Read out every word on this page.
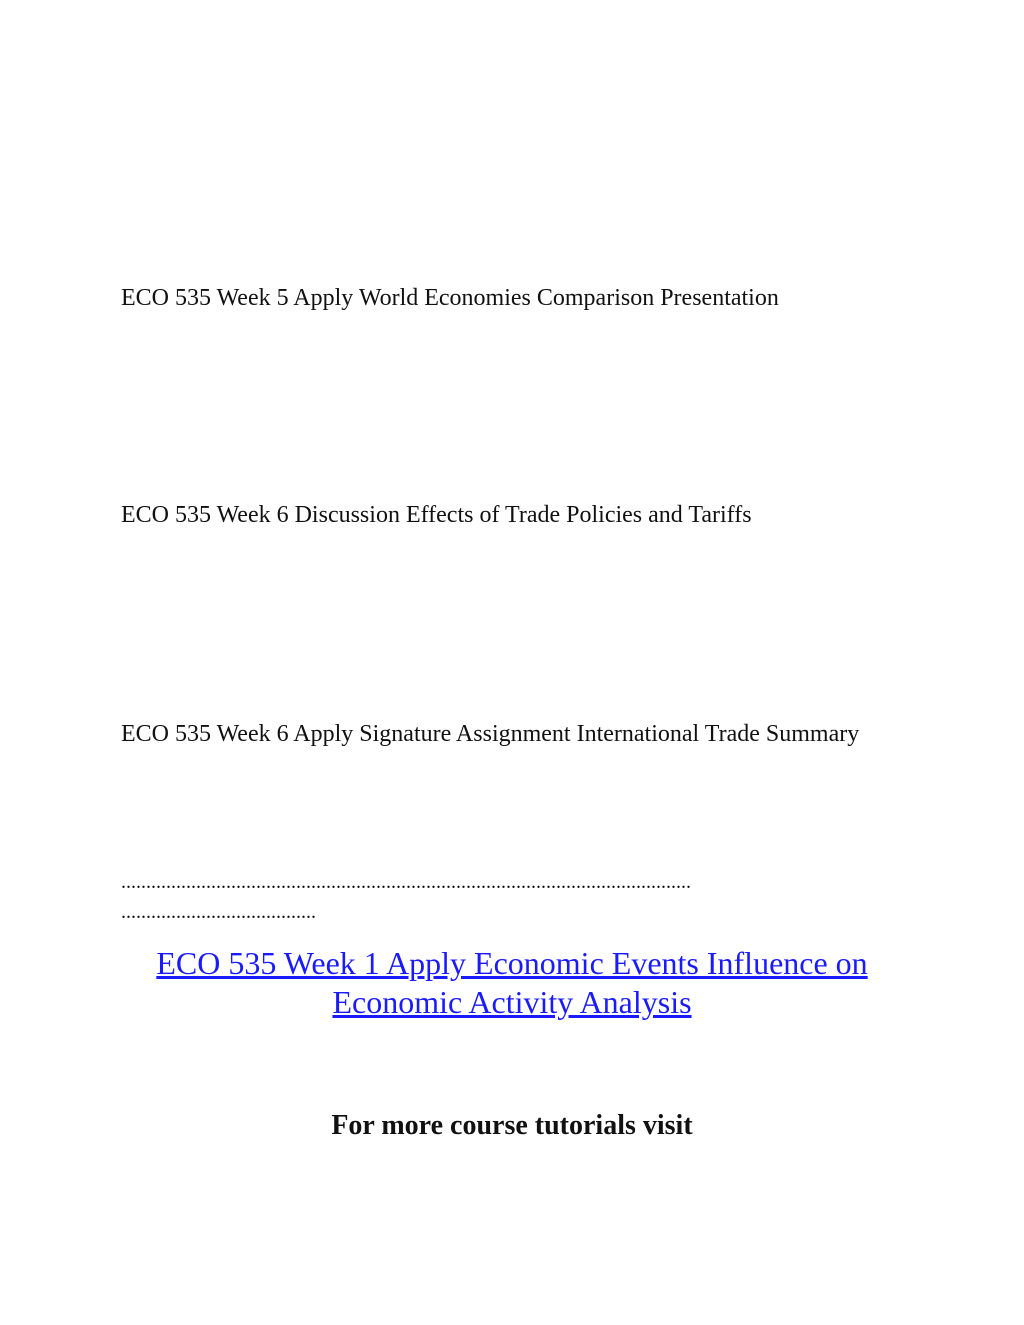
ECO 535 Week 5 Apply World Economies Comparison Presentation

ECO 535 Week 6 Discussion Effects of Trade Policies and Tariffs

ECO 535 Week 6 Apply Signature Assignment International Trade Summary

..................................................................................................................
.......................................

ECO 535 Week 1 Apply Economic Events Influence on Economic Activity Analysis

For more course tutorials visit
